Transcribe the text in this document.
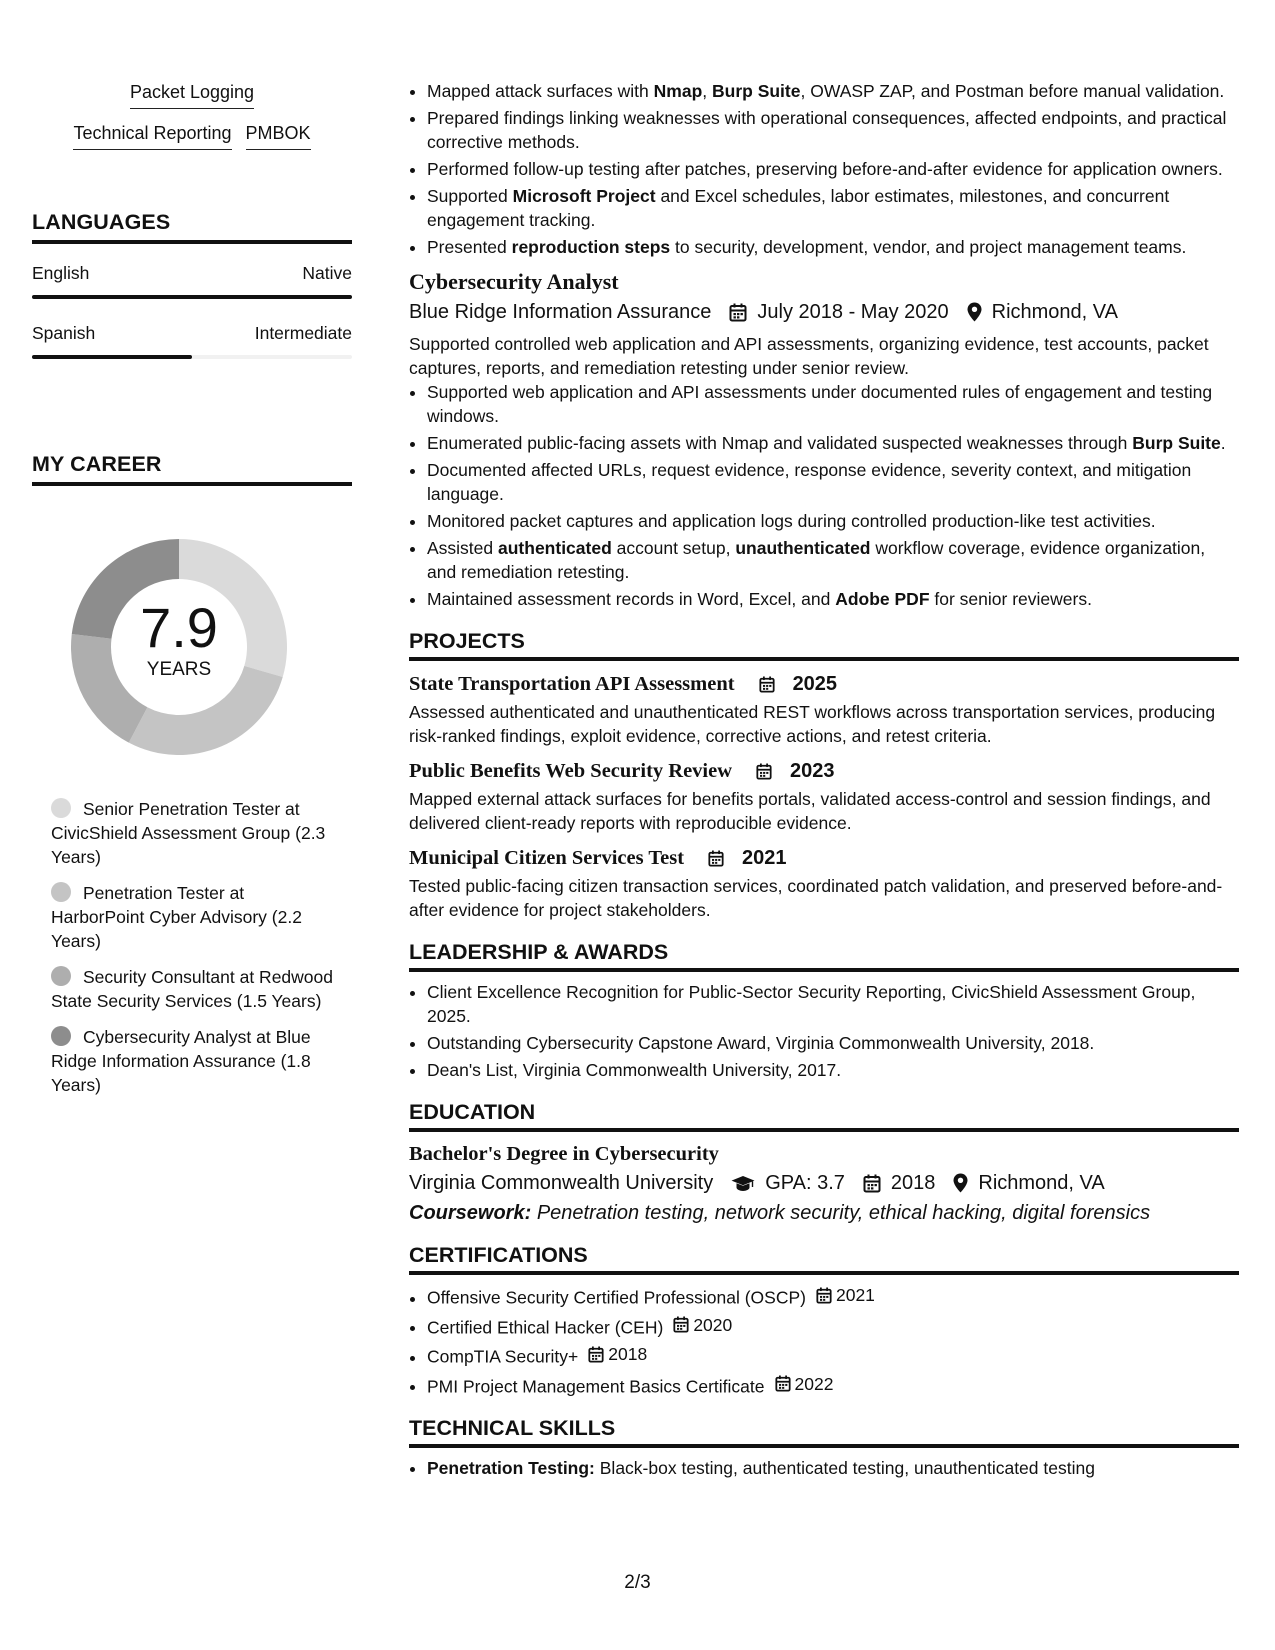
Packet Logging
Technical Reporting PMBOK
LANGUAGES
English	Native
Spanish	Intermediate
MY CAREER
7.9
YEARS
Senior Penetration Tester at CivicShield Assessment Group (2.3 Years)
Penetration Tester at HarborPoint Cyber Advisory (2.2 Years)
Security Consultant at Redwood State Security Services (1.5 Years)
Cybersecurity Analyst at Blue Ridge Information Assurance (1.8 Years)
• Mapped attack surfaces with Nmap, Burp Suite, OWASP ZAP, and Postman before manual validation.
• Prepared findings linking weaknesses with operational consequences, affected endpoints, and practical corrective methods.
• Performed follow-up testing after patches, preserving before-and-after evidence for application owners.
• Supported Microsoft Project and Excel schedules, labor estimates, milestones, and concurrent engagement tracking.
• Presented reproduction steps to security, development, vendor, and project management teams.
Cybersecurity Analyst
Blue Ridge Information Assurance July 2018 - May 2020 Richmond, VA
Supported controlled web application and API assessments, organizing evidence, test accounts, packet captures, reports, and remediation retesting under senior review.
• Supported web application and API assessments under documented rules of engagement and testing windows.
• Enumerated public-facing assets with Nmap and validated suspected weaknesses through Burp Suite.
• Documented affected URLs, request evidence, response evidence, severity context, and mitigation language.
• Monitored packet captures and application logs during controlled production-like test activities.
• Assisted authenticated account setup, unauthenticated workflow coverage, evidence organization, and remediation retesting.
• Maintained assessment records in Word, Excel, and Adobe PDF for senior reviewers.
PROJECTS
State Transportation API Assessment	2025
Assessed authenticated and unauthenticated REST workflows across transportation services, producing risk-ranked findings, exploit evidence, corrective actions, and retest criteria.
Public Benefits Web Security Review	2023
Mapped external attack surfaces for benefits portals, validated access-control and session findings, and delivered client-ready reports with reproducible evidence.
Municipal Citizen Services Test	2021
Tested public-facing citizen transaction services, coordinated patch validation, and preserved before-and-after evidence for project stakeholders.
LEADERSHIP & AWARDS
• Client Excellence Recognition for Public-Sector Security Reporting, CivicShield Assessment Group, 2025.
• Outstanding Cybersecurity Capstone Award, Virginia Commonwealth University, 2018.
• Dean's List, Virginia Commonwealth University, 2017.
EDUCATION
Bachelor's Degree in Cybersecurity
Virginia Commonwealth University	GPA: 3.7 2018 Richmond, VA
Coursework: Penetration testing, network security, ethical hacking, digital forensics
CERTIFICATIONS
• Offensive Security Certified Professional (OSCP) 2021
• Certified Ethical Hacker (CEH) 2020
• CompTIA Security+ 2018
• PMI Project Management Basics Certificate 2022
TECHNICAL SKILLS
• Penetration Testing: Black-box testing, authenticated testing, unauthenticated testing
2/3
